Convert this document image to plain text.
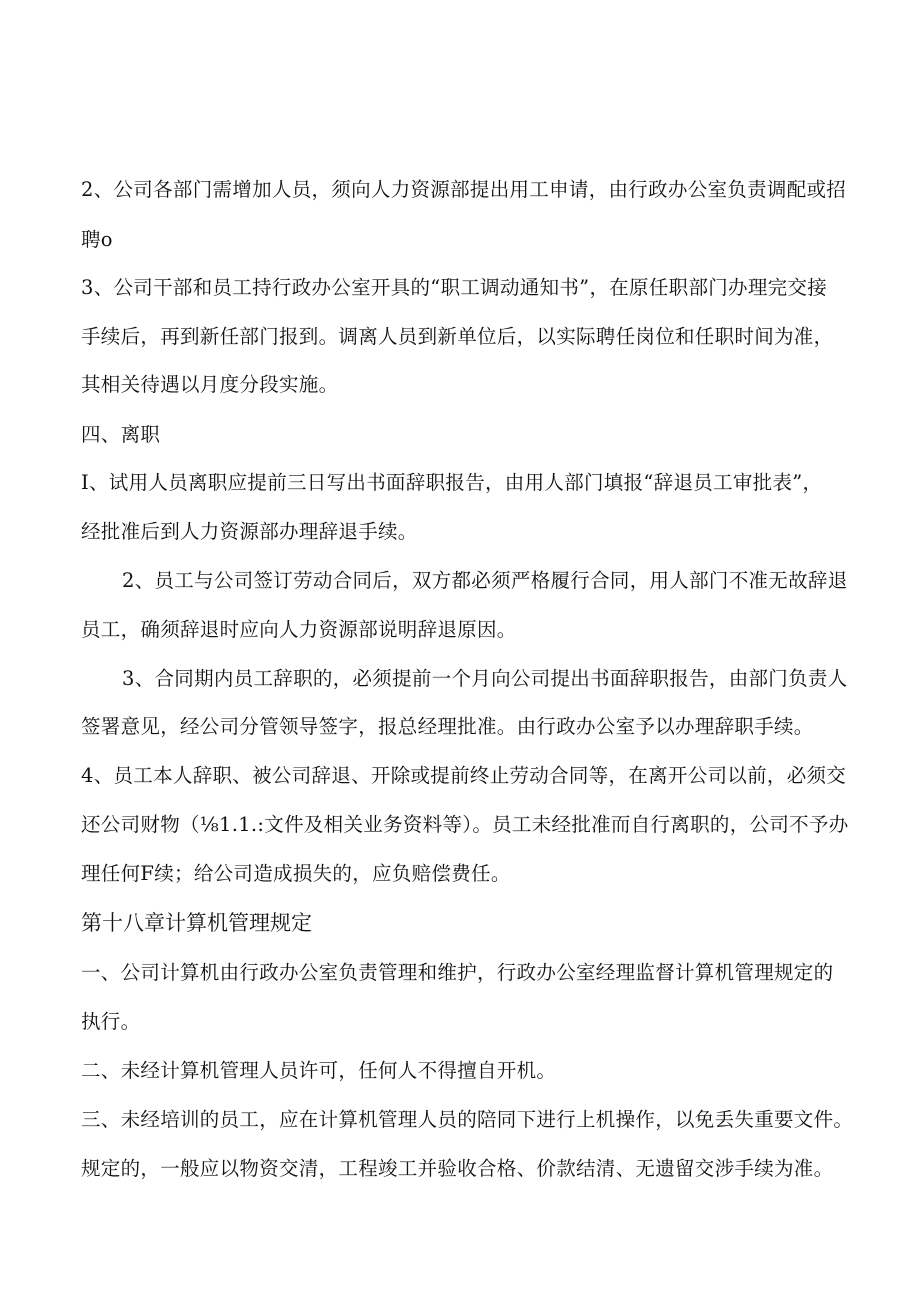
2、公司各部门需增加人员，须向人力资源部提出用工申请，由行政办公室负责调配或招
聘o
3、公司干部和员工持行政办公室开具的“职工调动通知书”，在原任职部门办理完交接
手续后，再到新任部门报到。调离人员到新单位后，以实际聘任岗位和任职时间为准，
其相关待遇以月度分段实施。
四、离职
I、试用人员离职应提前三日写出书面辞职报告，由用人部门填报“辞退员工审批表”，
经批准后到人力资源部办理辞退手续。
2、员工与公司签订劳动合同后，双方都必须严格履行合同，用人部门不准无故辞退
员工，确须辞退时应向人力资源部说明辞退原因。
3、合同期内员工辞职的，必须提前一个月向公司提出书面辞职报告，由部门负责人
签署意见，经公司分管领导签字，报总经理批准。由行政办公室予以办理辞职手续。
4、员工本人辞职、被公司辞退、开除或提前终止劳动合同等，在离开公司以前，必须交
还公司财物（⅛1.1.:文件及相关业务资料等）。员工未经批准而自行离职的，公司不予办
理任何F续；给公司造成损失的，应负赔偿费任。
第十八章计算机管理规定
一、公司计算机由行政办公室负责管理和维护，行政办公室经理监督计算机管理规定的
执行。
二、未经计算机管理人员许可，任何人不得擅自开机。
三、未经培训的员工，应在计算机管理人员的陪同下进行上机操作，以免丢失重要文件。
规定的，一般应以物资交清，工程竣工并验收合格、价款结清、无遗留交涉手续为准。
